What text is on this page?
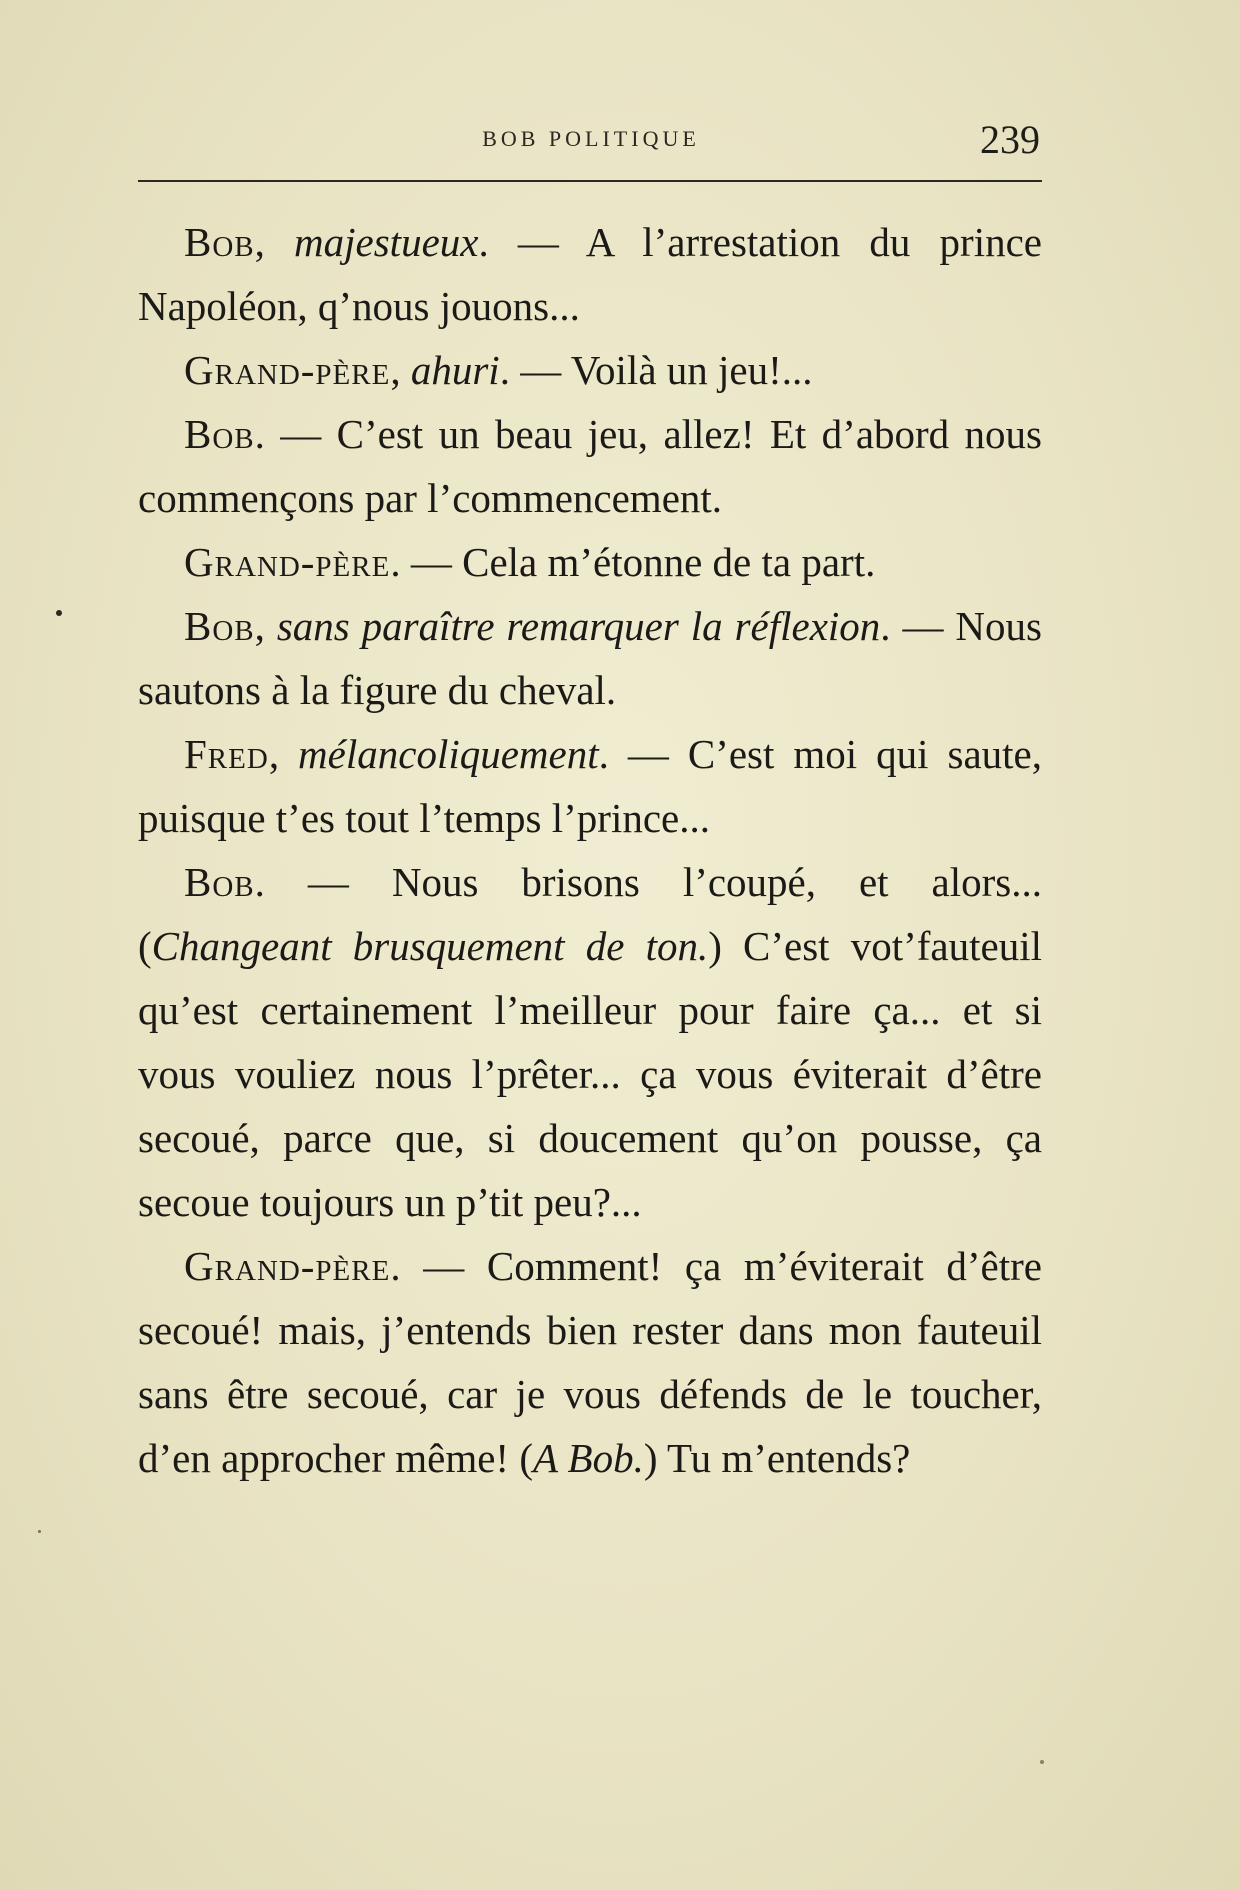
BOB POLITIQUE	239

Bob, majestueux. — A l’arrestation du prince Napoléon, q’nous jouons...

Grand-père, ahuri. — Voilà un jeu!...

Bob. — C’est un beau jeu, allez! Et d’abord nous commençons par l’commencement.

Grand-père. — Cela m’étonne de ta part.

Bob, sans paraître remarquer la réflexion. — Nous sautons à la figure du cheval.

Fred, mélancoliquement. — C’est moi qui saute, puisque t’es tout l’temps l’prince...

Bob. — Nous brisons l’coupé, et alors... (Changeant brusquement de ton.) C’est vot’fauteuil qu’est certainement l’meilleur pour faire ça... et si vous vouliez nous l’prêter... ça vous éviterait d’être secoué, parce que, si doucement qu’on pousse, ça secoue toujours un p’tit peu?...

Grand-père. — Comment! ça m’éviterait d’être secoué! mais, j’entends bien rester dans mon fauteuil sans être secoué, car je vous défends de le toucher, d’en approcher même! (A Bob.) Tu m’entends?
